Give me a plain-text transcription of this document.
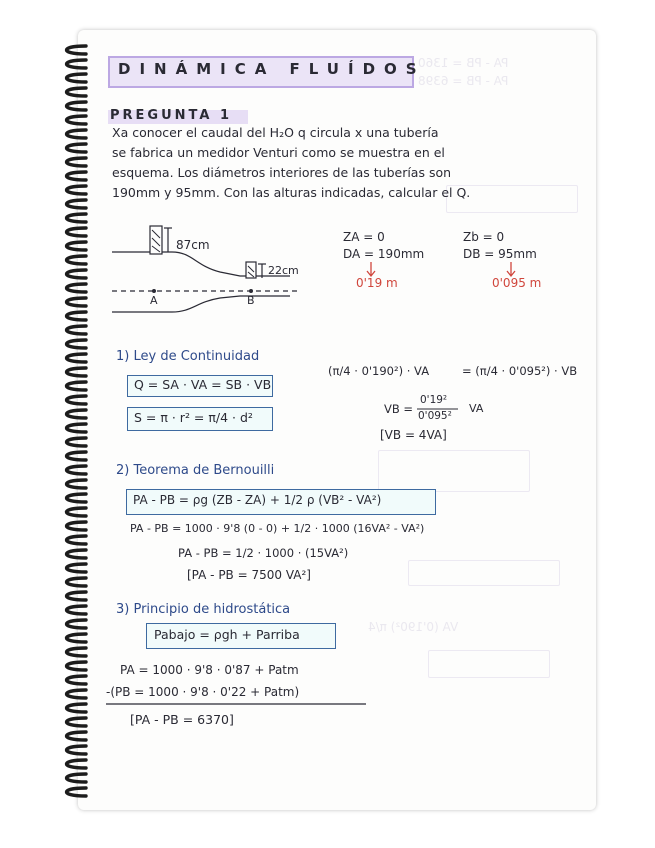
PA - PB = 1360
PA - PB = 6398
VA (0'190²) π/4
DINÁMICA FLUÍDOS
PREGUNTA 1
Xa conocer el caudal del H₂O q circula x una tubería
se fabrica un medidor Venturi como se muestra en el
esquema. Los diámetros interiores de las tuberías son
190mm y 95mm. Con las alturas indicadas, calcular el Q.
87cm
22cm
A	B
ZA = 0	Zb = 0
DA = 190mm	DB = 95mm
0'19 m	0'095 m
1) Ley de Continuidad
Q = SA · VA = SB · VB
S = π · r² = π/4 · d²
(π/4 · 0'190²) · VA	= (π/4 · 0'095²) · VB
VB =
0'19²
0'095²
VA
[VB = 4VA]
2) Teorema de Bernouilli
PA - PB = ρg (ZB - ZA) + 1/2 ρ (VB² - VA²)
PA - PB = 1000 · 9'8 (0 - 0) + 1/2 · 1000 (16VA² - VA²)
PA - PB = 1/2 · 1000 · (15VA²)
[PA - PB = 7500 VA²]
3) Principio de hidrostática
Pabajo = ρgh + Parriba
PA = 1000 · 9'8 · 0'87 + Patm
-(PB = 1000 · 9'8 · 0'22 + Patm)
[PA - PB = 6370]
